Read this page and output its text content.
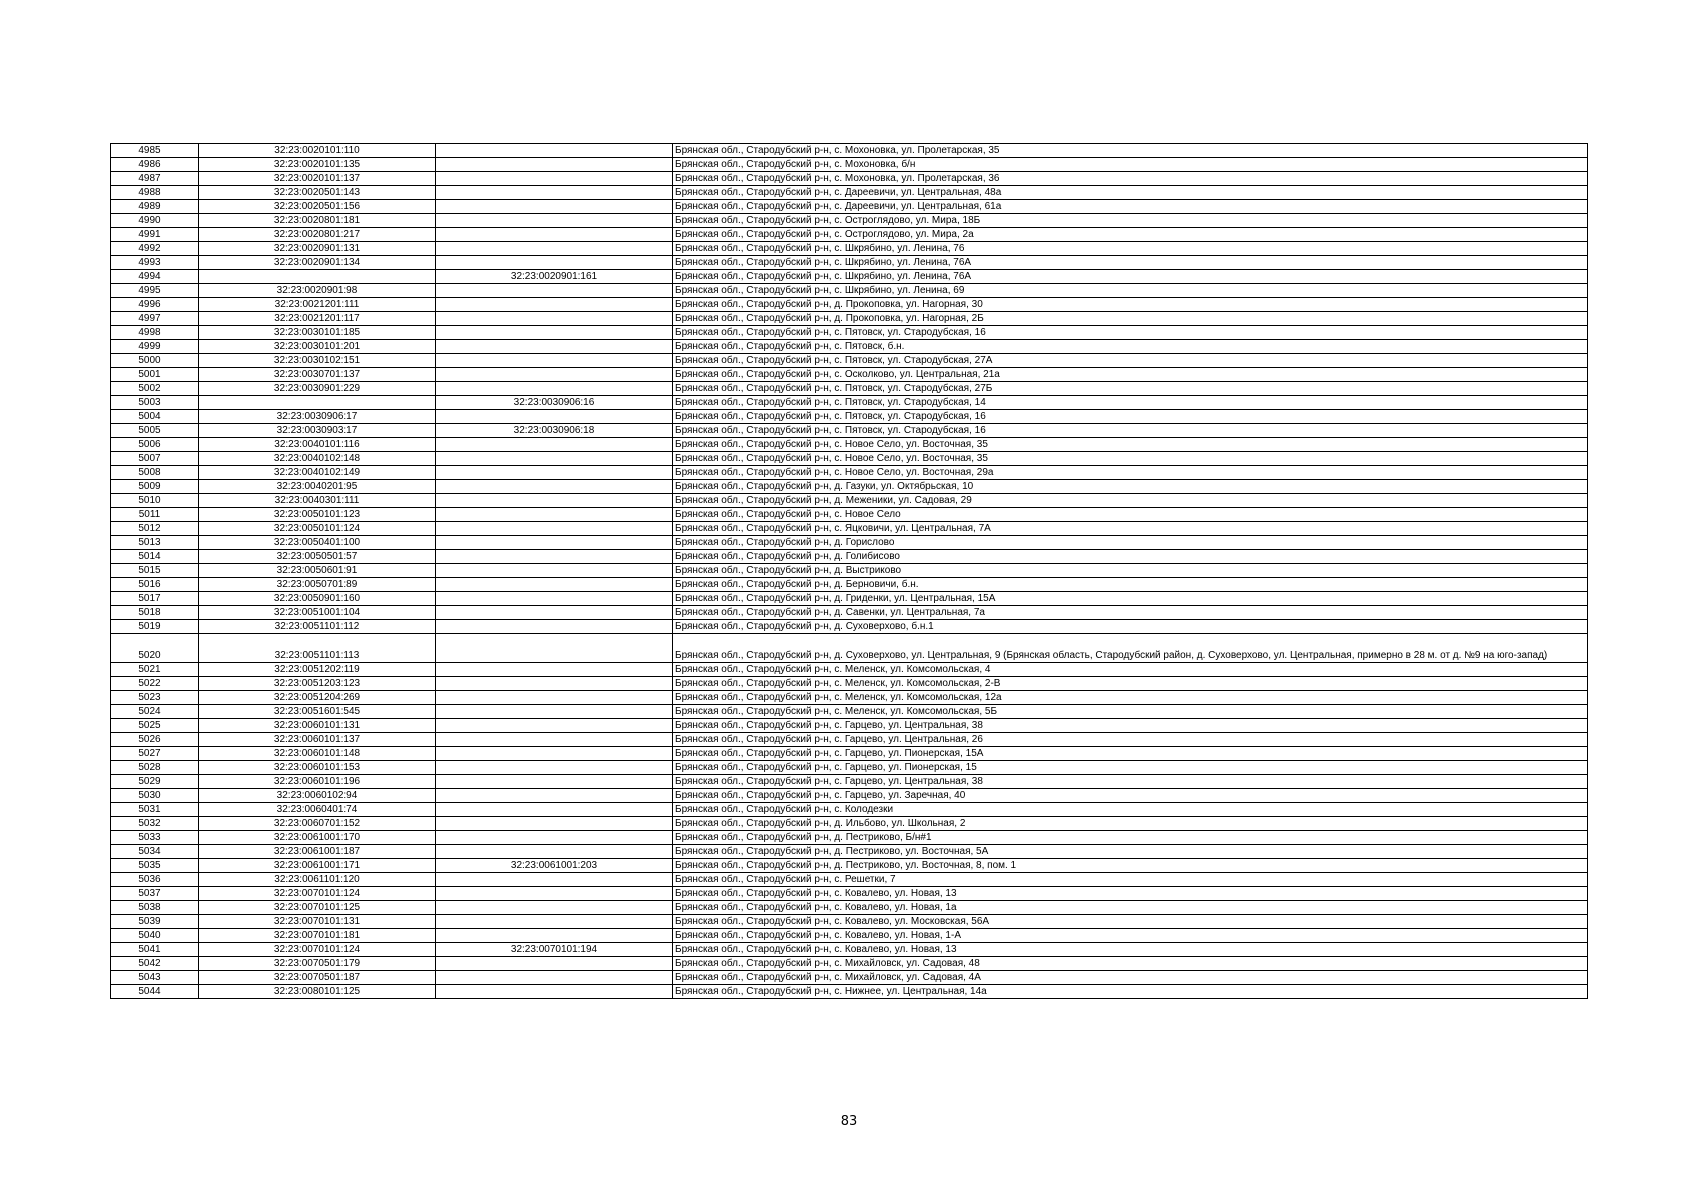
4985	32:23:0020101:110		Брянская обл., Стародубский р-н, с. Мохоновка, ул. Пролетарская, 35
4986	32:23:0020101:135		Брянская обл., Стародубский р-н, с. Мохоновка, б/н
4987	32:23:0020101:137		Брянская обл., Стародубский р-н, с. Мохоновка, ул. Пролетарская, 36
4988	32:23:0020501:143		Брянская обл., Стародубский р-н, с. Дареевичи, ул. Центральная, 48а
4989	32:23:0020501:156		Брянская обл., Стародубский р-н, с. Дареевичи, ул. Центральная, 61а
4990	32:23:0020801:181		Брянская обл., Стародубский р-н, с. Остроглядово, ул. Мира, 18Б
4991	32:23:0020801:217		Брянская обл., Стародубский р-н, с. Остроглядово, ул. Мира, 2а
4992	32:23:0020901:131		Брянская обл., Стародубский р-н, с. Шкрябино, ул. Ленина, 76
4993	32:23:0020901:134		Брянская обл., Стародубский р-н, с. Шкрябино, ул. Ленина, 76А
4994		32:23:0020901:161	Брянская обл., Стародубский р-н, с. Шкрябино, ул. Ленина, 76А
4995	32:23:0020901:98		Брянская обл., Стародубский р-н, с. Шкрябино, ул. Ленина, 69
4996	32:23:0021201:111		Брянская обл., Стародубский р-н, д. Прокоповка, ул. Нагорная, 30
4997	32:23:0021201:117		Брянская обл., Стародубский р-н, д. Прокоповка, ул. Нагорная, 2Б
4998	32:23:0030101:185		Брянская обл., Стародубский р-н, с. Пятовск, ул. Стародубская, 16
4999	32:23:0030101:201		Брянская обл., Стародубский р-н, с. Пятовск, б.н.
5000	32:23:0030102:151		Брянская обл., Стародубский р-н, с. Пятовск, ул. Стародубская, 27А
5001	32:23:0030701:137		Брянская обл., Стародубский р-н, с. Осколково, ул. Центральная, 21а
5002	32:23:0030901:229		Брянская обл., Стародубский р-н, с. Пятовск, ул. Стародубская, 27Б
5003		32:23:0030906:16	Брянская обл., Стародубский р-н, с. Пятовск, ул. Стародубская, 14
5004	32:23:0030906:17		Брянская обл., Стародубский р-н, с. Пятовск, ул. Стародубская, 16
5005	32:23:0030903:17	32:23:0030906:18	Брянская обл., Стародубский р-н, с. Пятовск, ул. Стародубская, 16
5006	32:23:0040101:116		Брянская обл., Стародубский р-н, с. Новое Село, ул. Восточная, 35
5007	32:23:0040102:148		Брянская обл., Стародубский р-н, с. Новое Село, ул. Восточная, 35
5008	32:23:0040102:149		Брянская обл., Стародубский р-н, с. Новое Село, ул. Восточная, 29а
5009	32:23:0040201:95		Брянская обл., Стародубский р-н, д. Газуки, ул. Октябрьская, 10
5010	32:23:0040301:111		Брянская обл., Стародубский р-н, д. Меженики, ул. Садовая, 29
5011	32:23:0050101:123		Брянская обл., Стародубский р-н, с. Новое Село
5012	32:23:0050101:124		Брянская обл., Стародубский р-н, с. Яцковичи, ул. Центральная, 7А
5013	32:23:0050401:100		Брянская обл., Стародубский р-н, д. Горислово
5014	32:23:0050501:57		Брянская обл., Стародубский р-н, д. Голибисово
5015	32:23:0050601:91		Брянская обл., Стародубский р-н, д. Выстриково
5016	32:23:0050701:89		Брянская обл., Стародубский р-н, д. Берновичи, б.н.
5017	32:23:0050901:160		Брянская обл., Стародубский р-н, д. Гриденки, ул. Центральная, 15А
5018	32:23:0051001:104		Брянская обл., Стародубский р-н, д. Савенки, ул. Центральная, 7а
5019	32:23:0051101:112		Брянская обл., Стародубский р-н, д. Суховерхово, б.н.1
5020	32:23:0051101:113		Брянская обл., Стародубский р-н, д. Суховерхово, ул. Центральная, 9 (Брянская область, Стародубский район, д. Суховерхово, ул. Центральная, примерно в 28 м. от д. №9 на юго-запад)
5021	32:23:0051202:119		Брянская обл., Стародубский р-н, с. Меленск, ул. Комсомольская, 4
5022	32:23:0051203:123		Брянская обл., Стародубский р-н, с. Меленск, ул. Комсомольская, 2-В
5023	32:23:0051204:269		Брянская обл., Стародубский р-н, с. Меленск, ул. Комсомольская, 12а
5024	32:23:0051601:545		Брянская обл., Стародубский р-н, с. Меленск, ул. Комсомольская, 5Б
5025	32:23:0060101:131		Брянская обл., Стародубский р-н, с. Гарцево, ул. Центральная, 38
5026	32:23:0060101:137		Брянская обл., Стародубский р-н, с. Гарцево, ул. Центральная, 26
5027	32:23:0060101:148		Брянская обл., Стародубский р-н, с. Гарцево, ул. Пионерская, 15А
5028	32:23:0060101:153		Брянская обл., Стародубский р-н, с. Гарцево, ул. Пионерская, 15
5029	32:23:0060101:196		Брянская обл., Стародубский р-н, с. Гарцево, ул. Центральная, 38
5030	32:23:0060102:94		Брянская обл., Стародубский р-н, с. Гарцево, ул. Заречная, 40
5031	32:23:0060401:74		Брянская обл., Стародубский р-н, с. Колодезки
5032	32:23:0060701:152		Брянская обл., Стародубский р-н, д. Ильбово, ул. Школьная, 2
5033	32:23:0061001:170		Брянская обл., Стародубский р-н, д. Пестриково, Б/н#1
5034	32:23:0061001:187		Брянская обл., Стародубский р-н, д. Пестриково, ул. Восточная, 5А
5035	32:23:0061001:171	32:23:0061001:203	Брянская обл., Стародубский р-н, д. Пестриково, ул. Восточная, 8, пом. 1
5036	32:23:0061101:120		Брянская обл., Стародубский р-н, с. Решетки, 7
5037	32:23:0070101:124		Брянская обл., Стародубский р-н, с. Ковалево, ул. Новая, 13
5038	32:23:0070101:125		Брянская обл., Стародубский р-н, с. Ковалево, ул. Новая, 1а
5039	32:23:0070101:131		Брянская обл., Стародубский р-н, с. Ковалево, ул. Московская, 56А
5040	32:23:0070101:181		Брянская обл., Стародубский р-н, с. Ковалево, ул. Новая, 1-А
5041	32:23:0070101:124	32:23:0070101:194	Брянская обл., Стародубский р-н, с. Ковалево, ул. Новая, 13
5042	32:23:0070501:179		Брянская обл., Стародубский р-н, с. Михайловск, ул. Садовая, 48
5043	32:23:0070501:187		Брянская обл., Стародубский р-н, с. Михайловск, ул. Садовая, 4А
5044	32:23:0080101:125		Брянская обл., Стародубский р-н, с. Нижнее, ул. Центральная, 14а
83
